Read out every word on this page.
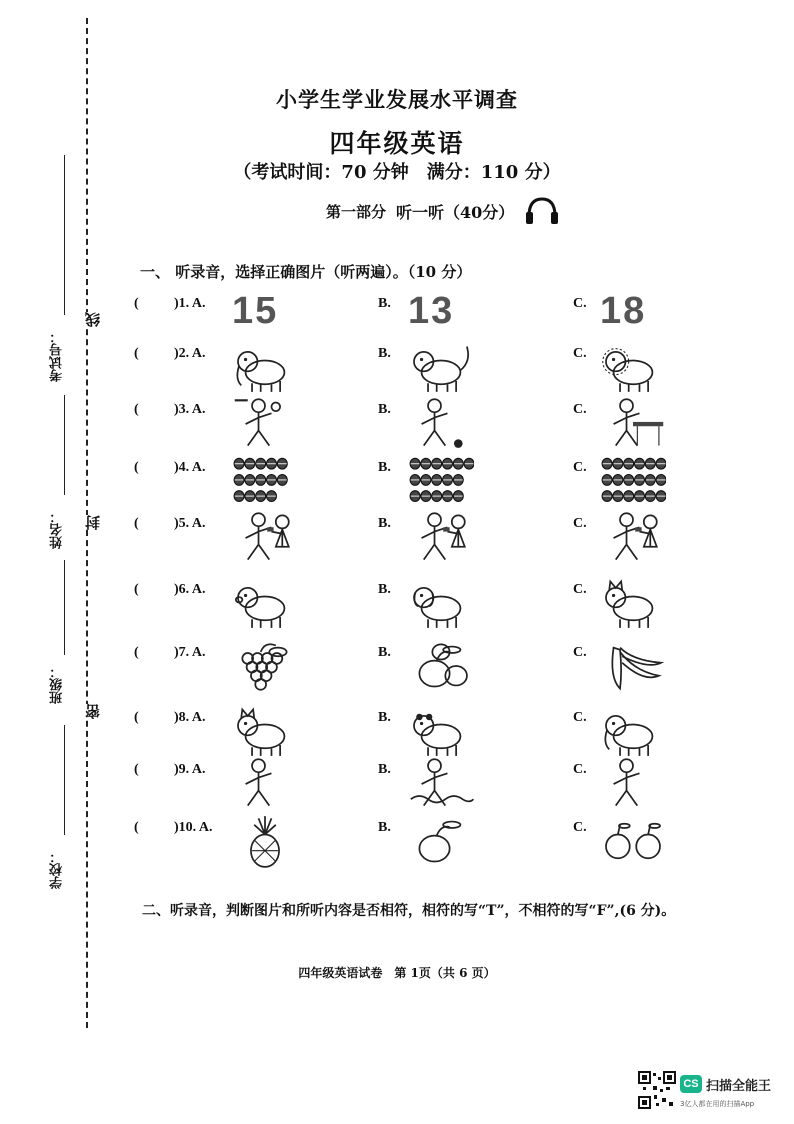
考试号：
线
姓名： 封
班级：
密
学校：
小学生学业发展水平调查
四年级英语
（考试时间：70 分钟　满分：110 分）
第一部分 听一听（40分）
一、 听录音，选择正确图片（听两遍）。（10 分）
(	)1. A. 15	B. 13	C. 18
(	)2. A.	B.	C.
(	)3. A.	B.	C.
(	)4. A.	B.	C.
(	)5. A.	B.	C.
(	)6. A.	B.	C.
(	)7. A.	B.	C.
(	)8. A.	B.	C.
(	)9. A.	B.	C.
(	)10. A.	B.	C.
二、听录音，判断图片和所听内容是否相符，相符的写“T”，不相符的写“F”,(6 分)。
四年级英语试卷　第 1页（共 6 页）
CS 扫描全能王
3亿人都在用的扫描App
